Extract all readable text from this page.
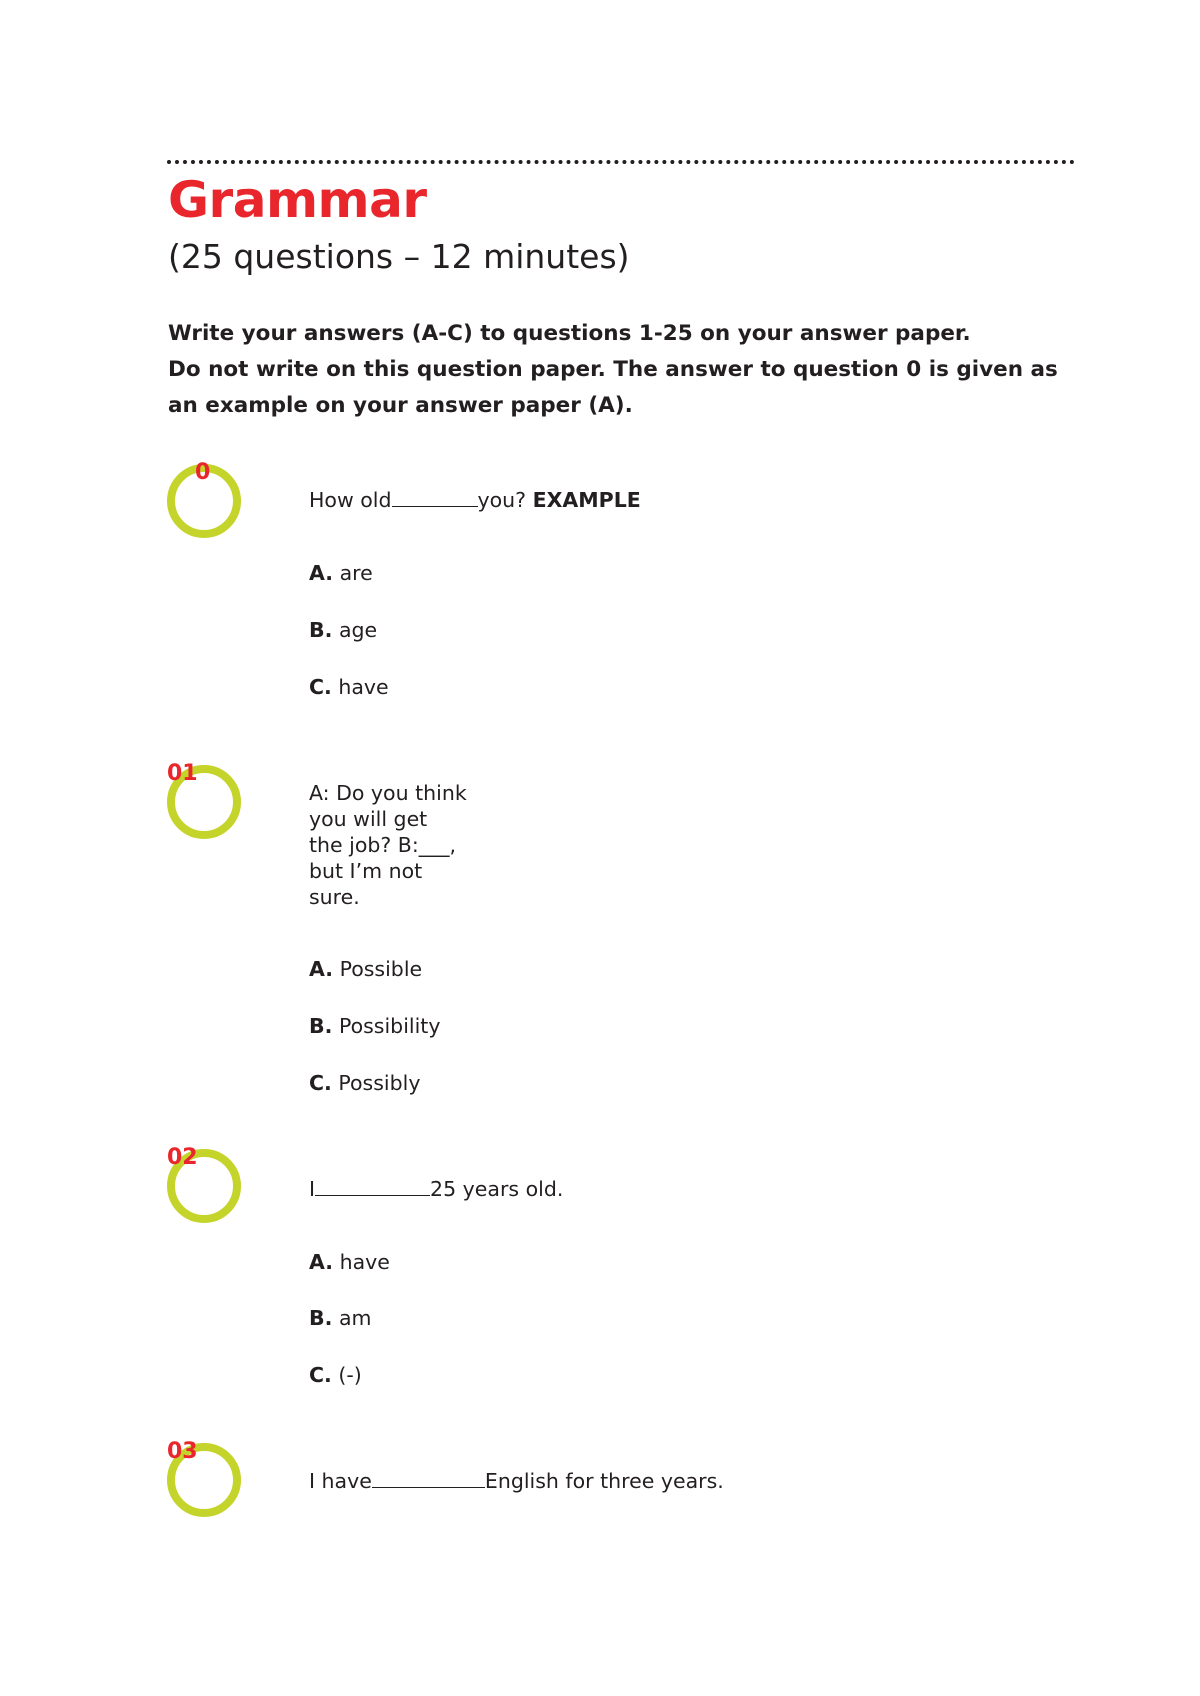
Grammar
(25 questions – 12 minutes)
Write your answers (A-C) to questions 1-25 on your answer paper.
Do not write on this question paper. The answer to question 0 is given as
an example on your answer paper (A).
0
How old	you? EXAMPLE
A. are
B. age
C. have
01
A: Do you think
you will get
the job? B:___,
but I’m not
sure.
A. Possible
B. Possibility
C. Possibly
02
I	25 years old.
A. have
B. am
C. (-)
03
I have	English for three years.
